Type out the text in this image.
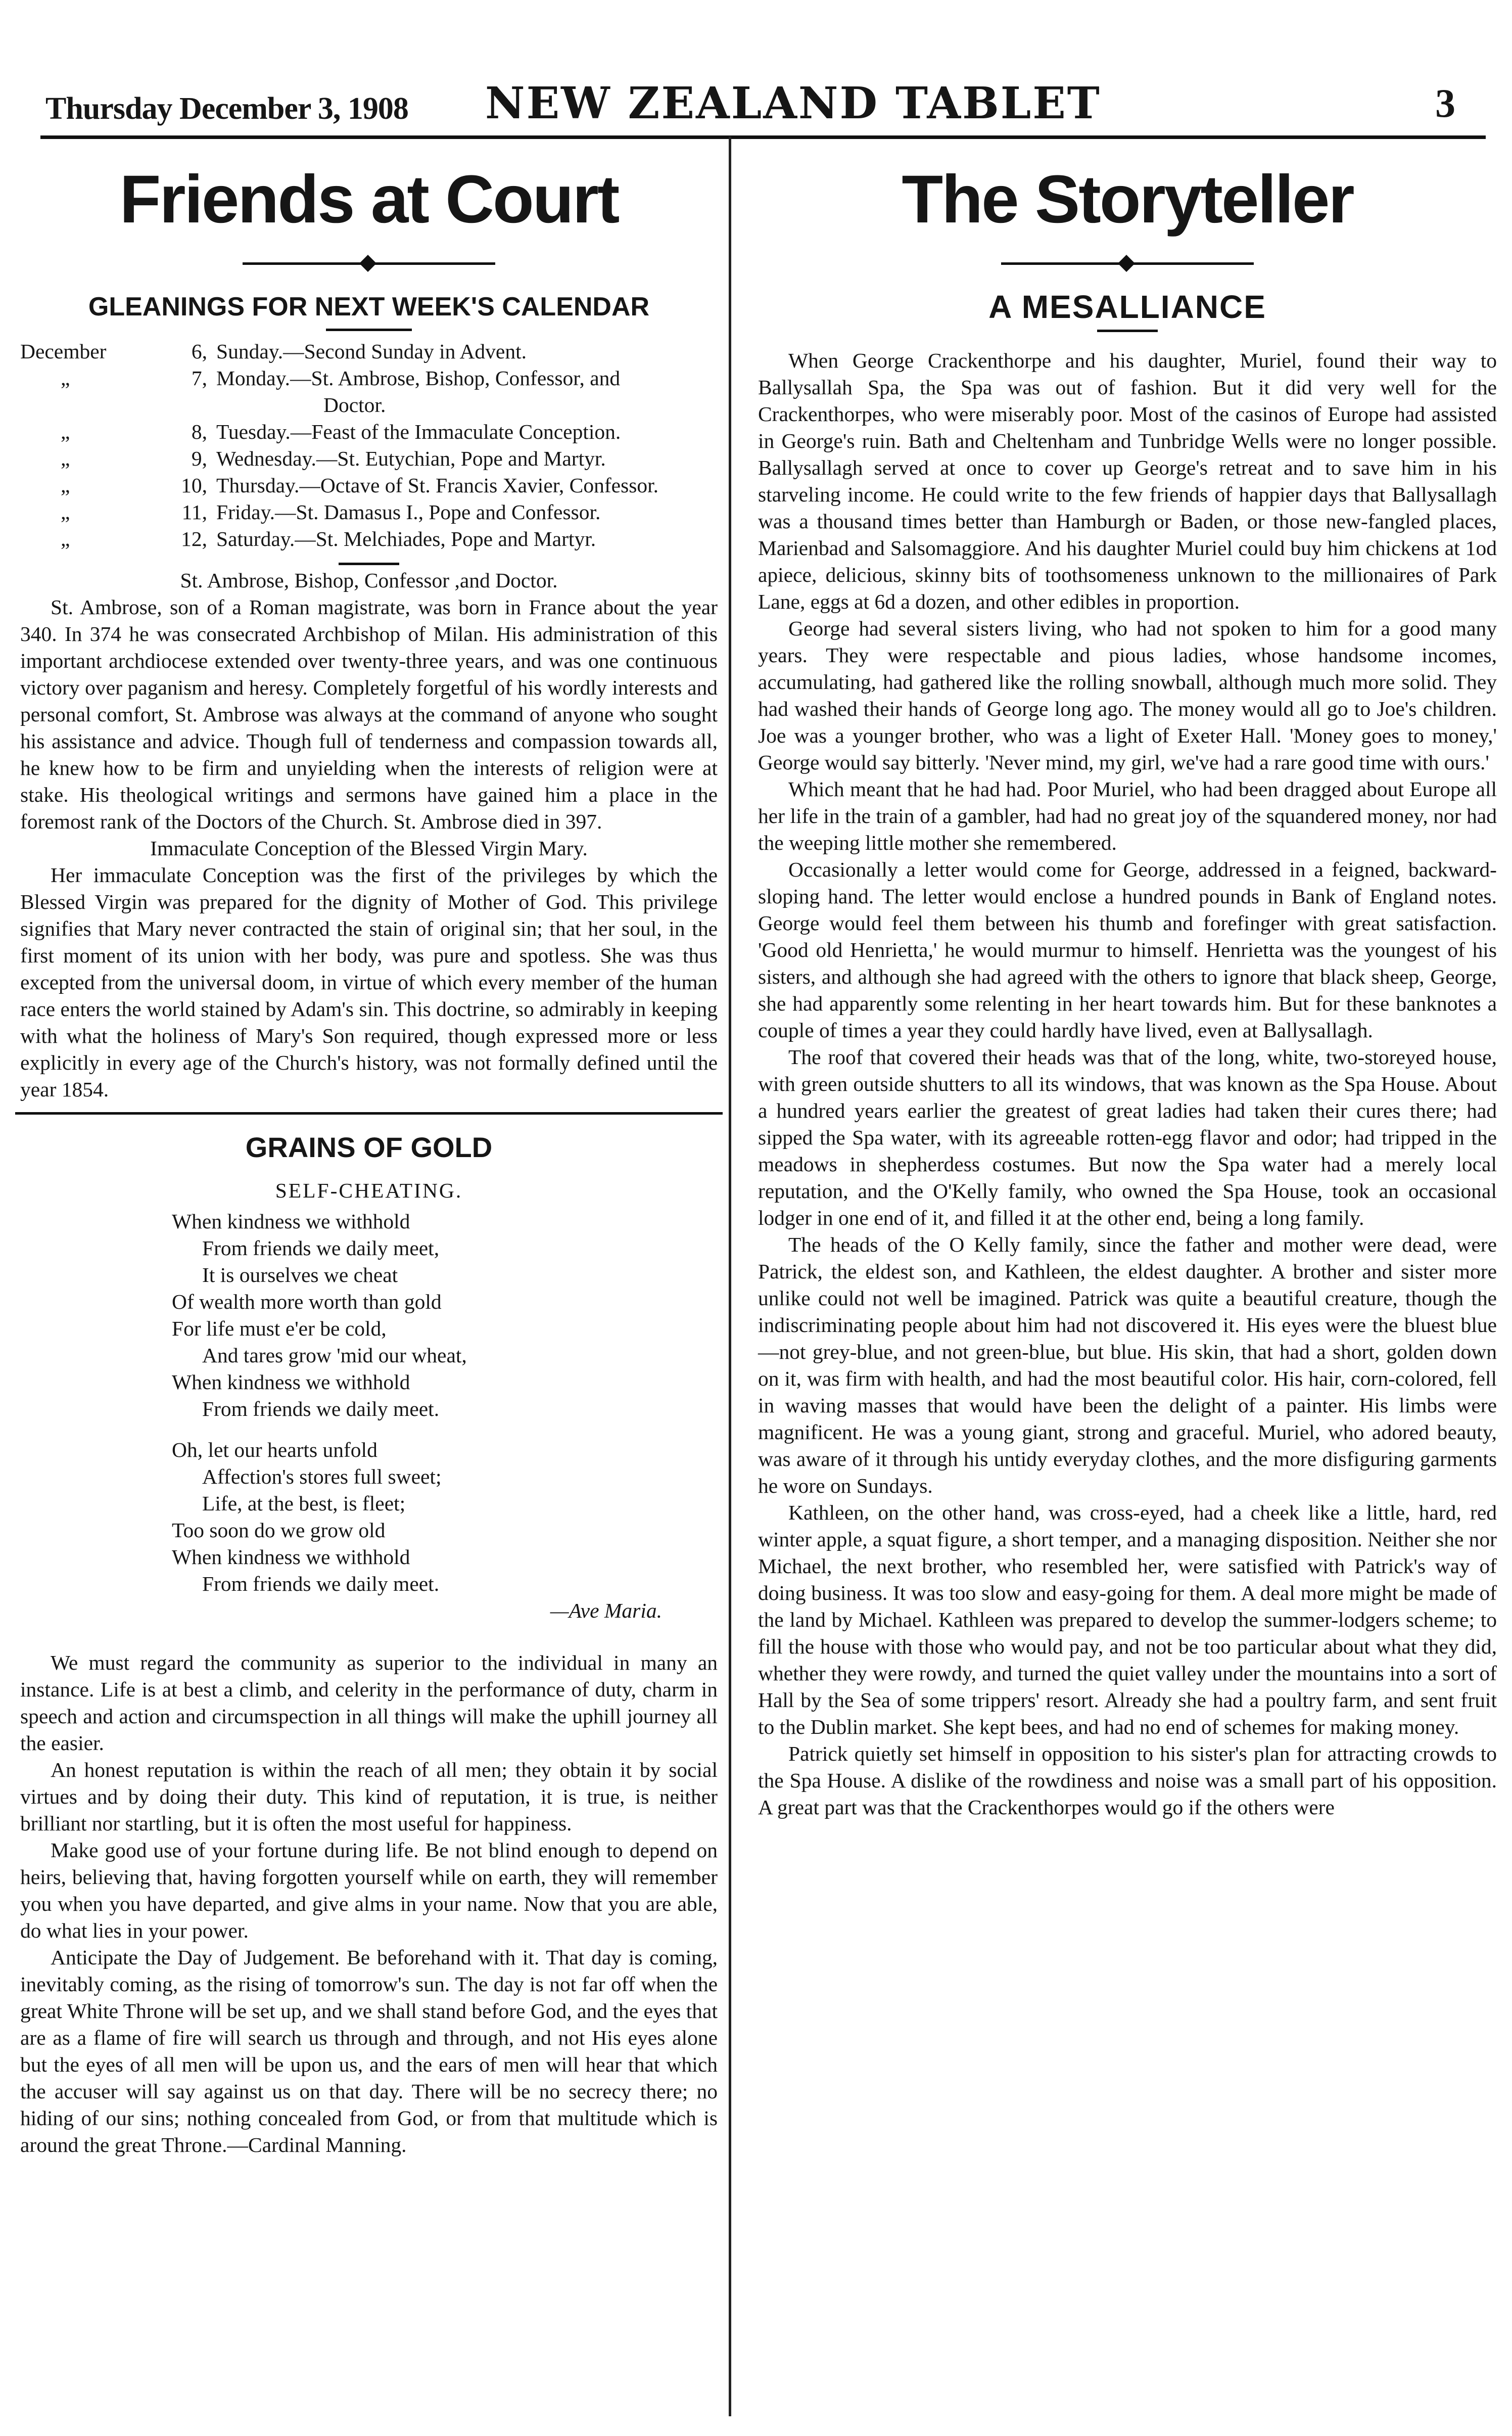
Thursday December 3, 1908 NEW ZEALAND TABLET	3
Friends at Court
GLEANINGS FOR NEXT WEEK'S CALENDAR
December	6, Sunday.—Second Sunday in Advent.
„	7, Monday.—St. Ambrose, Bishop, Confessor, and
Doctor.
„	8, Tuesday.—Feast of the Immaculate Conception.
„	9, Wednesday.—St. Eutychian, Pope and Martyr.
„	10, Thursday.—Octave of St. Francis Xavier, Confessor.
„	11, Friday.—St. Damasus I., Pope and Confessor.
„	12, Saturday.—St. Melchiades, Pope and Martyr.

St. Ambrose, Bishop, Confessor ,and Doctor.

St. Ambrose, son of a Roman magistrate, was born in France about the year 340. In 374 he was consecrated Archbishop of Milan. His administration of this important archdiocese extended over twenty-three years, and was one continuous victory over paganism and heresy. Completely forgetful of his wordly interests and personal comfort, St. Ambrose was always at the command of anyone who sought his assistance and advice. Though full of tenderness and compassion towards all, he knew how to be firm and unyielding when the interests of religion were at stake. His theological writings and sermons have gained him a place in the foremost rank of the Doctors of the Church. St. Ambrose died in 397.

Immaculate Conception of the Blessed Virgin Mary.

Her immaculate Conception was the first of the privileges by which the Blessed Virgin was prepared for the dignity of Mother of God. This privilege signifies that Mary never contracted the stain of original sin; that her soul, in the first moment of its union with her body, was pure and spotless. She was thus excepted from the universal doom, in virtue of which every member of the human race enters the world stained by Adam's sin. This doctrine, so admirably in keeping with what the holiness of Mary's Son required, though expressed more or less explicitly in every age of the Church's history, was not formally defined until the year 1854.

GRAINS OF GOLD
SELF-CHEATING.
When kindness we withhold
From friends we daily meet,
It is ourselves we cheat
Of wealth more worth than gold
For life must e'er be cold,
And tares grow 'mid our wheat,
When kindness we withhold
From friends we daily meet.
Oh, let our hearts unfold
Affection's stores full sweet;
Life, at the best, is fleet;
Too soon do we grow old
When kindness we withhold
From friends we daily meet.
—Ave Maria.

We must regard the community as superior to the individual in many an instance. Life is at best a climb, and celerity in the performance of duty, charm in speech and action and circumspection in all things will make the uphill journey all the easier.

An honest reputation is within the reach of all men; they obtain it by social virtues and by doing their duty. This kind of reputation, it is true, is neither brilliant nor startling, but it is often the most useful for happiness.

Make good use of your fortune during life. Be not blind enough to depend on heirs, believing that, having forgotten yourself while on earth, they will remember you when you have departed, and give alms in your name. Now that you are able, do what lies in your power.

Anticipate the Day of Judgement. Be beforehand with it. That day is coming, inevitably coming, as the rising of tomorrow's sun. The day is not far off when the great White Throne will be set up, and we shall stand before God, and the eyes that are as a flame of fire will search us through and through, and not His eyes alone but the eyes of all men will be upon us, and the ears of men will hear that which the accuser will say against us on that day. There will be no secrecy there; no hiding of our sins; nothing concealed from God, or from that multitude which is around the great Throne.—Cardinal Manning.

The Storyteller
A MESALLIANCE

When George Crackenthorpe and his daughter, Muriel, found their way to Ballysallah Spa, the Spa was out of fashion. But it did very well for the Crackenthorpes, who were miserably poor. Most of the casinos of Europe had assisted in George's ruin. Bath and Cheltenham and Tunbridge Wells were no longer possible. Ballysallagh served at once to cover up George's retreat and to save him in his starveling income. He could write to the few friends of happier days that Ballysallagh was a thousand times better than Hamburgh or Baden, or those new-fangled places, Marienbad and Salsomaggiore. And his daughter Muriel could buy him chickens at 1od apiece, delicious, skinny bits of toothsomeness unknown to the millionaires of Park Lane, eggs at 6d a dozen, and other edibles in proportion.

George had several sisters living, who had not spoken to him for a good many years. They were respectable and pious ladies, whose handsome incomes, accumulating, had gathered like the rolling snowball, although much more solid. They had washed their hands of George long ago. The money would all go to Joe's children. Joe was a younger brother, who was a light of Exeter Hall. 'Money goes to money,' George would say bitterly. 'Never mind, my girl, we've had a rare good time with ours.'

Which meant that he had had. Poor Muriel, who had been dragged about Europe all her life in the train of a gambler, had had no great joy of the squandered money, nor had the weeping little mother she remembered.

Occasionally a letter would come for George, addressed in a feigned, backward-sloping hand. The letter would enclose a hundred pounds in Bank of England notes. George would feel them between his thumb and forefinger with great satisfaction. 'Good old Henrietta,' he would murmur to himself. Henrietta was the youngest of his sisters, and although she had agreed with the others to ignore that black sheep, George, she had apparently some relenting in her heart towards him. But for these banknotes a couple of times a year they could hardly have lived, even at Ballysallagh.

The roof that covered their heads was that of the long, white, two-storeyed house, with green outside shutters to all its windows, that was known as the Spa House. About a hundred years earlier the greatest of great ladies had taken their cures there; had sipped the Spa water, with its agreeable rotten-egg flavor and odor; had tripped in the meadows in shepherdess costumes. But now the Spa water had a merely local reputation, and the O'Kelly family, who owned the Spa House, took an occasional lodger in one end of it, and filled it at the other end, being a long family.

The heads of the O Kelly family, since the father and mother were dead, were Patrick, the eldest son, and Kathleen, the eldest daughter. A brother and sister more unlike could not well be imagined. Patrick was quite a beautiful creature, though the indiscriminating people about him had not discovered it. His eyes were the bluest blue—not grey-blue, and not green-blue, but blue. His skin, that had a short, golden down on it, was firm with health, and had the most beautiful color. His hair, corn-colored, fell in waving masses that would have been the delight of a painter. His limbs were magnificent. He was a young giant, strong and graceful. Muriel, who adored beauty, was aware of it through his untidy everyday clothes, and the more disfiguring garments he wore on Sundays.

Kathleen, on the other hand, was cross-eyed, had a cheek like a little, hard, red winter apple, a squat figure, a short temper, and a managing disposition. Neither she nor Michael, the next brother, who resembled her, were satisfied with Patrick's way of doing business. It was too slow and easy-going for them. A deal more might be made of the land by Michael. Kathleen was prepared to develop the summer-lodgers scheme; to fill the house with those who would pay, and not be too particular about what they did, whether they were rowdy, and turned the quiet valley under the mountains into a sort of Hall by the Sea of some trippers' resort. Already she had a poultry farm, and sent fruit to the Dublin market. She kept bees, and had no end of schemes for making money.

Patrick quietly set himself in opposition to his sister's plan for attracting crowds to the Spa House. A dislike of the rowdiness and noise was a small part of his opposition. A great part was that the Crackenthorpes would go if the others were
